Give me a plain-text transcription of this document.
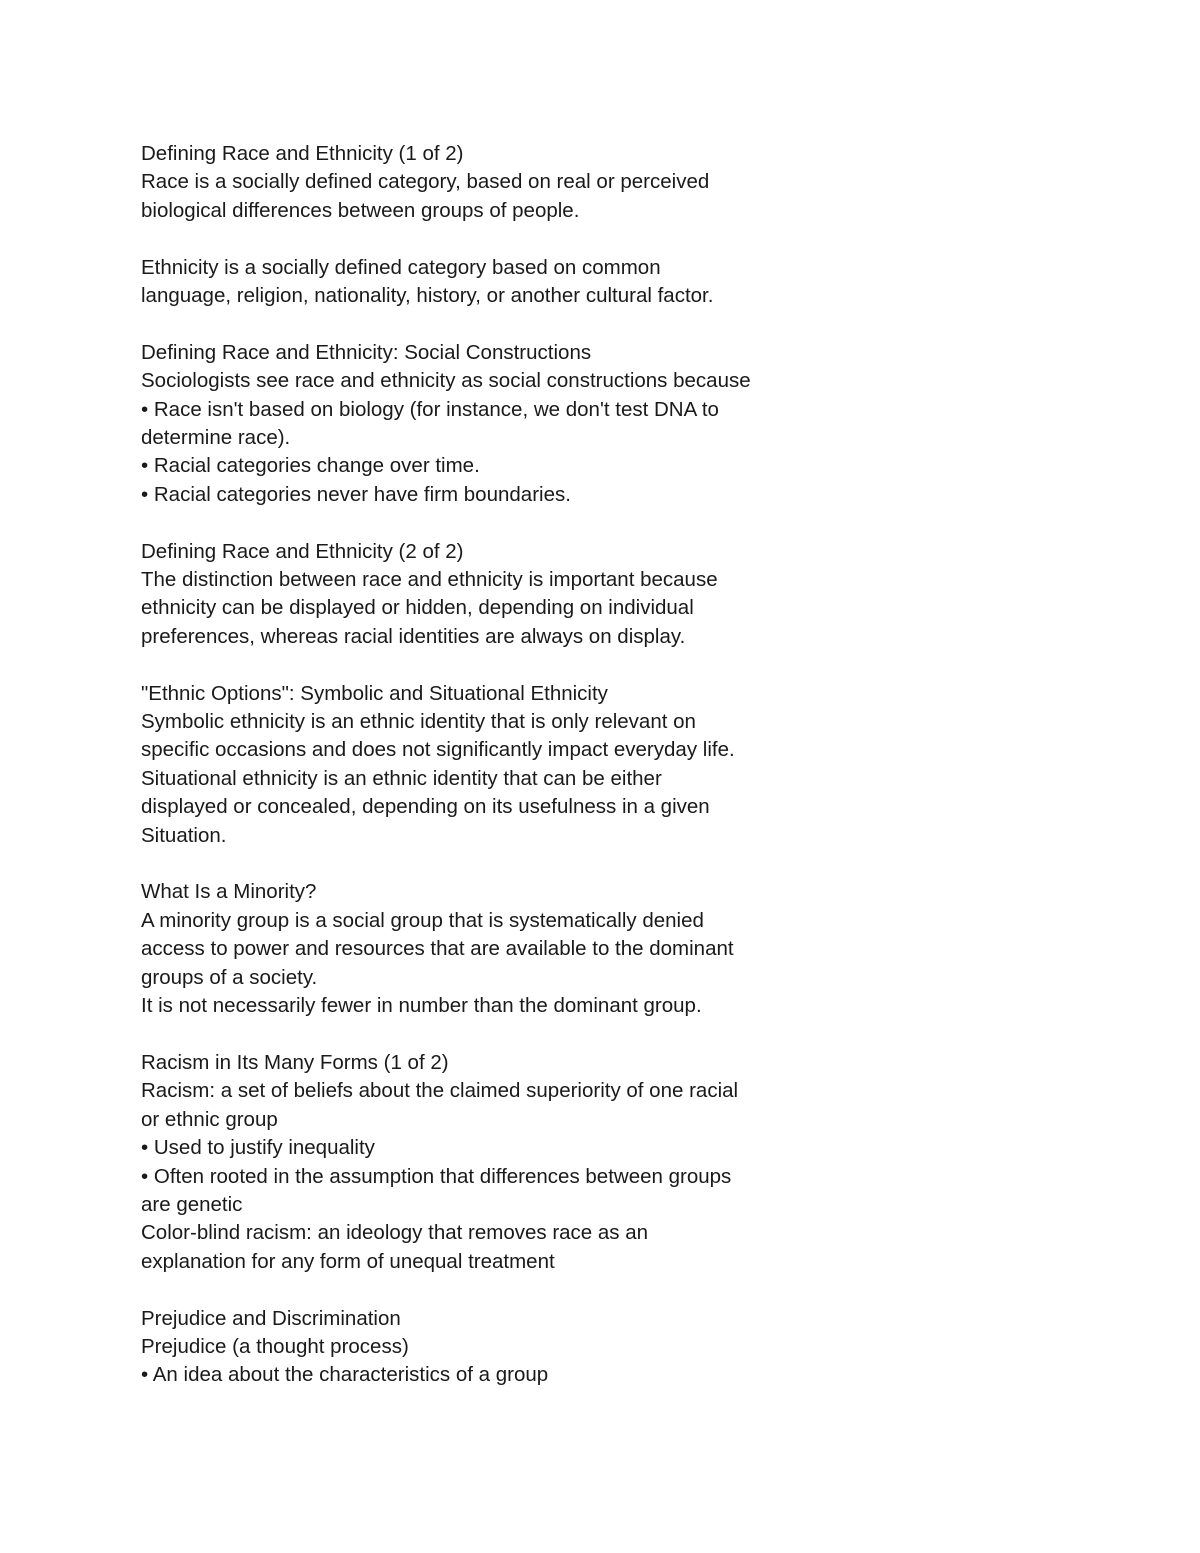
Defining Race and Ethnicity (1 of 2)
Race is a socially defined category, based on real or perceived
biological differences between groups of people.
Ethnicity is a socially defined category based on common
language, religion, nationality, history, or another cultural factor.
Defining Race and Ethnicity: Social Constructions
Sociologists see race and ethnicity as social constructions because
• Race isn't based on biology (for instance, we don't test DNA to
determine race).
• Racial categories change over time.
• Racial categories never have firm boundaries.
Defining Race and Ethnicity (2 of 2)
The distinction between race and ethnicity is important because
ethnicity can be displayed or hidden, depending on individual
preferences, whereas racial identities are always on display.
"Ethnic Options": Symbolic and Situational Ethnicity
Symbolic ethnicity is an ethnic identity that is only relevant on
specific occasions and does not significantly impact everyday life.
Situational ethnicity is an ethnic identity that can be either
displayed or concealed, depending on its usefulness in a given
Situation.
What Is a Minority?
A minority group is a social group that is systematically denied
access to power and resources that are available to the dominant
groups of a society.
It is not necessarily fewer in number than the dominant group.
Racism in Its Many Forms (1 of 2)
Racism: a set of beliefs about the claimed superiority of one racial
or ethnic group
• Used to justify inequality
• Often rooted in the assumption that differences between groups
are genetic
Color-blind racism: an ideology that removes race as an
explanation for any form of unequal treatment
Prejudice and Discrimination
Prejudice (a thought process)
• An idea about the characteristics of a group
